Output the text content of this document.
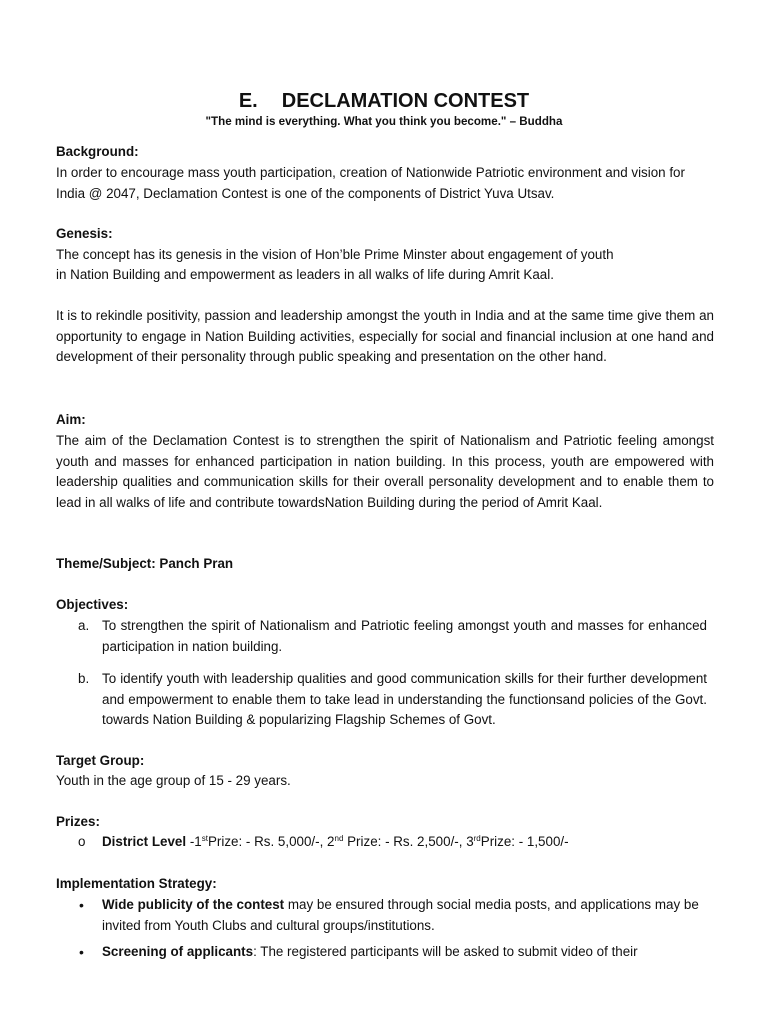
E. DECLAMATION CONTEST

"The mind is everything. What you think you become." – Buddha

Background:

In order to encourage mass youth participation, creation of Nationwide Patriotic environment and vision for India @ 2047, Declamation Contest is one of the components of District Yuva Utsav.

Genesis:

The concept has its genesis in the vision of Hon’ble Prime Minster about engagement of youth

in Nation Building and empowerment as leaders in all walks of life during Amrit Kaal.

It is to rekindle positivity, passion and leadership amongst the youth in India and at the same time give them an opportunity to engage in Nation Building activities, especially for social and financial inclusion at one hand and development of their personality through public speaking and presentation on the other hand.

Aim:

The aim of the Declamation Contest is to strengthen the spirit of Nationalism and Patriotic feeling amongst youth and masses for enhanced participation in nation building. In this process, youth are empowered with leadership qualities and communication skills for their overall personality development and to enable them to lead in all walks of life and contribute towardsNation Building during the period of Amrit Kaal.

Theme/Subject: Panch Pran

Objectives:

a. To strengthen the spirit of Nationalism and Patriotic feeling amongst youth and masses for enhanced participation in nation building.
b. To identify youth with leadership qualities and good communication skills for their further development and empowerment to enable them to take lead in understanding the functionsand policies of the Govt. towards Nation Building & popularizing Flagship Schemes of Govt.

Target Group:

Youth in the age group of 15 - 29 years.

Prizes:

o District Level -1stPrize: - Rs. 5,000/-, 2nd Prize: - Rs. 2,500/-, 3rdPrize: - 1,500/-

Implementation Strategy:

• Wide publicity of the contest may be ensured through social media posts, and applications may be invited from Youth Clubs and cultural groups/institutions.
• Screening of applicants: The registered participants will be asked to submit video of their
